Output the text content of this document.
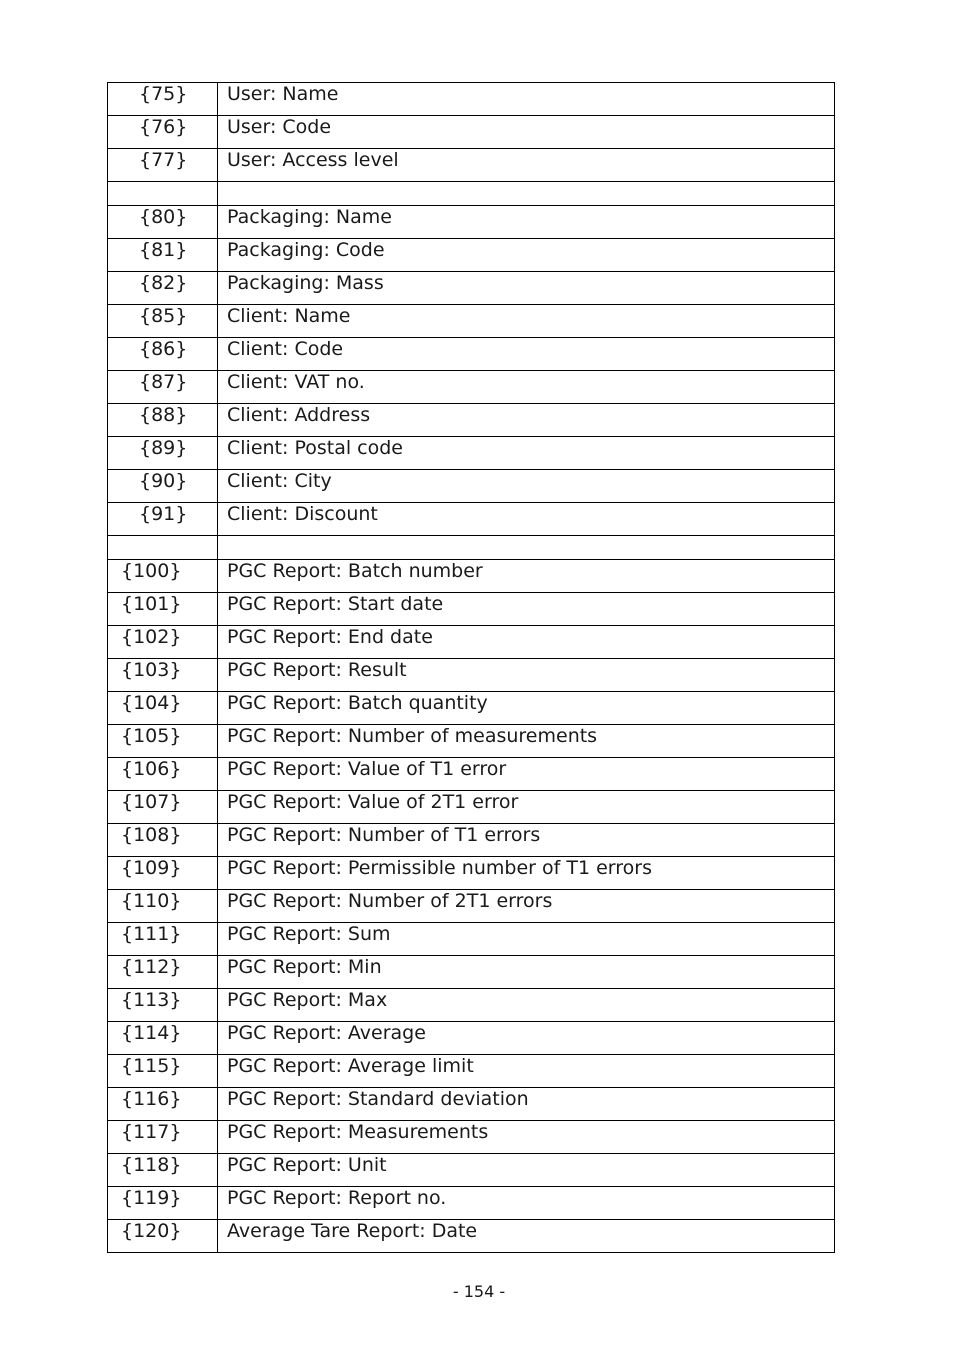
{75}	User: Name

{76}	User: Code

{77}	User: Access level

{80}	Packaging: Name

{81}	Packaging: Code

{82}	Packaging: Mass

{85}	Client: Name

{86}	Client: Code

{87}	Client: VAT no.

{88}	Client: Address

{89}	Client: Postal code

{90}	Client: City

{91}	Client: Discount

{100}	PGC Report: Batch number

{101}	PGC Report: Start date

{102}	PGC Report: End date

{103}	PGC Report: Result

{104}	PGC Report: Batch quantity

{105}	PGC Report: Number of measurements

{106}	PGC Report: Value of T1 error

{107}	PGC Report: Value of 2T1 error

{108}	PGC Report: Number of T1 errors

{109}	PGC Report: Permissible number of T1 errors

{110}	PGC Report: Number of 2T1 errors

{111}	PGC Report: Sum

{112}	PGC Report: Min

{113}	PGC Report: Max

{114}	PGC Report: Average

{115}	PGC Report: Average limit

{116}	PGC Report: Standard deviation

{117}	PGC Report: Measurements

{118}	PGC Report: Unit

{119}	PGC Report: Report no.

{120}	Average Tare Report: Date
- 154 -
